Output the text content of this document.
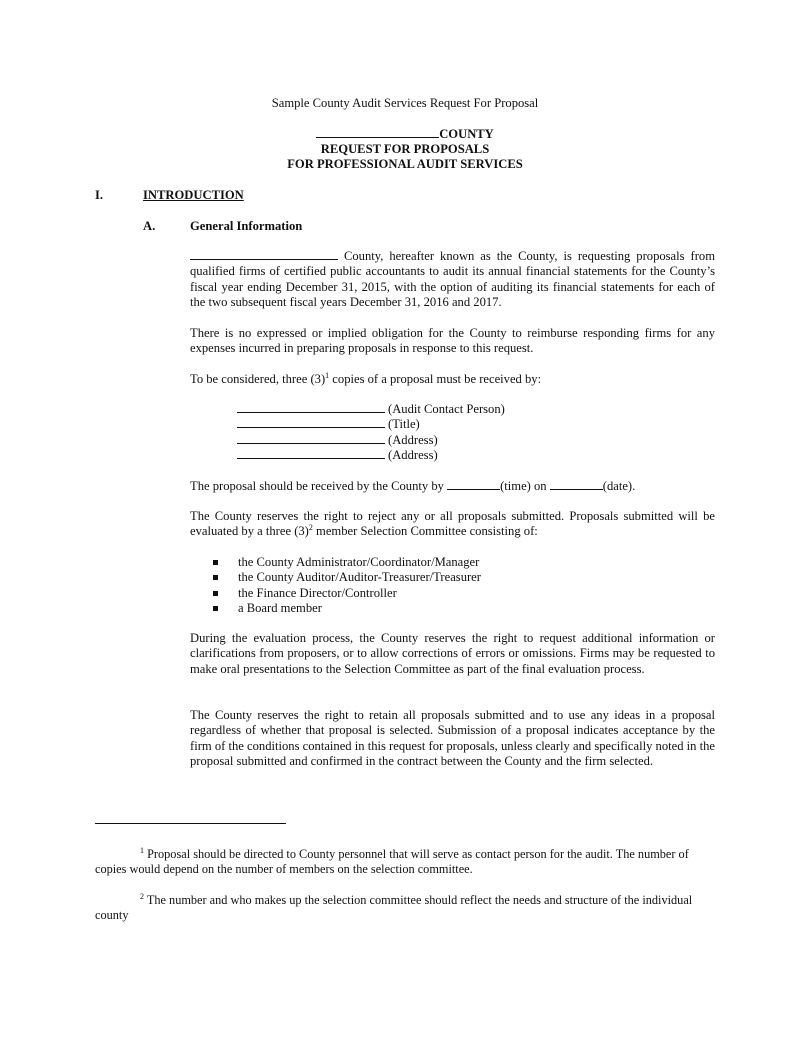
Sample County Audit Services Request For Proposal
COUNTY
REQUEST FOR PROPOSALS
FOR PROFESSIONAL AUDIT SERVICES
I.	INTRODUCTION
A.	General Information

County, hereafter known as the County, is requesting proposals from qualified firms of certified public accountants to audit its annual financial statements for the County’s fiscal year ending December 31, 2015, with the option of auditing its financial statements for each of the two subsequent fiscal years December 31, 2016 and 2017.

There is no expressed or implied obligation for the County to reimburse responding firms for any expenses incurred in preparing proposals in response to this request.

To be considered, three $(3)^1$ copies of a proposal must be received by:

(Audit Contact Person)
(Title)
(Address)
(Address)

The proposal should be received by the County by	(time) on	(date).

The County reserves the right to reject any or all proposals submitted. Proposals submitted will be evaluated by a three $(3)^2$ member Selection Committee consisting of:

the County Administrator/Coordinator/Manager
the County Auditor/Auditor-Treasurer/Treasurer
the Finance Director/Controller
a Board member

During the evaluation process, the County reserves the right to request additional information or clarifications from proposers, or to allow corrections of errors or omissions. Firms may be requested to make oral presentations to the Selection Committee as part of the final evaluation process.

The County reserves the right to retain all proposals submitted and to use any ideas in a proposal regardless of whether that proposal is selected. Submission of a proposal indicates acceptance by the firm of the conditions contained in this request for proposals, unless clearly and specifically noted in the proposal submitted and confirmed in the contract between the County and the firm selected.

$^1$ Proposal should be directed to County personnel that will serve as contact person for the audit. The number of copies would depend on the number of members on the selection committee.

$^2$ The number and who makes up the selection committee should reflect the needs and structure of the individual county
